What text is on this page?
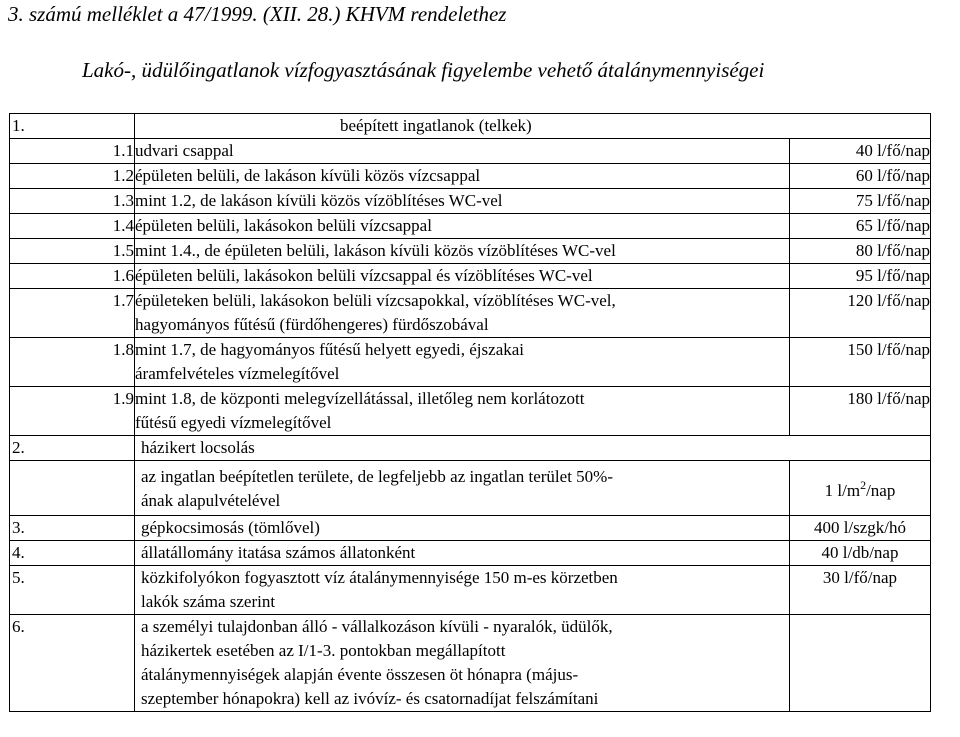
3. számú melléklet a 47/1999. (XII. 28.) KHVM rendelethez
Lakó-, üdülőingatlanok vízfogyasztásának figyelembe vehető átalánymennyiségei
1.	beépített ingatlanok (telkek)	
1.1	udvari csappal	40 l/fő/nap
1.2	épületen belüli, de lakáson kívüli közös vízcsappal	60 l/fő/nap
1.3	mint 1.2, de lakáson kívüli közös vízöblítéses WC-vel	75 l/fő/nap
1.4	épületen belüli, lakásokon belüli vízcsappal	65 l/fő/nap
1.5	mint 1.4., de épületen belüli, lakáson kívüli közös vízöblítéses WC-vel	80 l/fő/nap
1.6	épületen belüli, lakásokon belüli vízcsappal és vízöblítéses WC-vel	95 l/fő/nap
1.7	épületeken belüli, lakásokon belüli vízcsapokkal, vízöblítéses WC-vel,
hagyományos fűtésű (fürdőhengeres) fürdőszobával	120 l/fő/nap
1.8	mint 1.7, de hagyományos fűtésű helyett egyedi, éjszakai
áramfelvételes vízmelegítővel	150 l/fő/nap
1.9	mint 1.8, de központi melegvízellátással, illetőleg nem korlátozott
fűtésű egyedi vízmelegítővel	180 l/fő/nap
2.	házikert locsolás	

	az ingatlan beépítetlen területe, de legfeljebb az ingatlan terület 50%-
ának alapulvételével	1 $l/m^2$/nap
3.	gépkocsimosás (tömlővel)	400 l/szgk/hó
4.	állatállomány itatása számos állatonként	40 l/db/nap
5.	közkifolyókon fogyasztott víz átalánymennyisége 150 m-es körzetben
lakók száma szerint	30 l/fő/nap
6.	a személyi tulajdonban álló - vállalkozáson kívüli - nyaralók, üdülők,
házikertek esetében az I/1-3. pontokban megállapított
átalánymennyiségek alapján évente összesen öt hónapra (május-
szeptember hónapokra) kell az ivóvíz- és csatornadíjat felszámítani	
